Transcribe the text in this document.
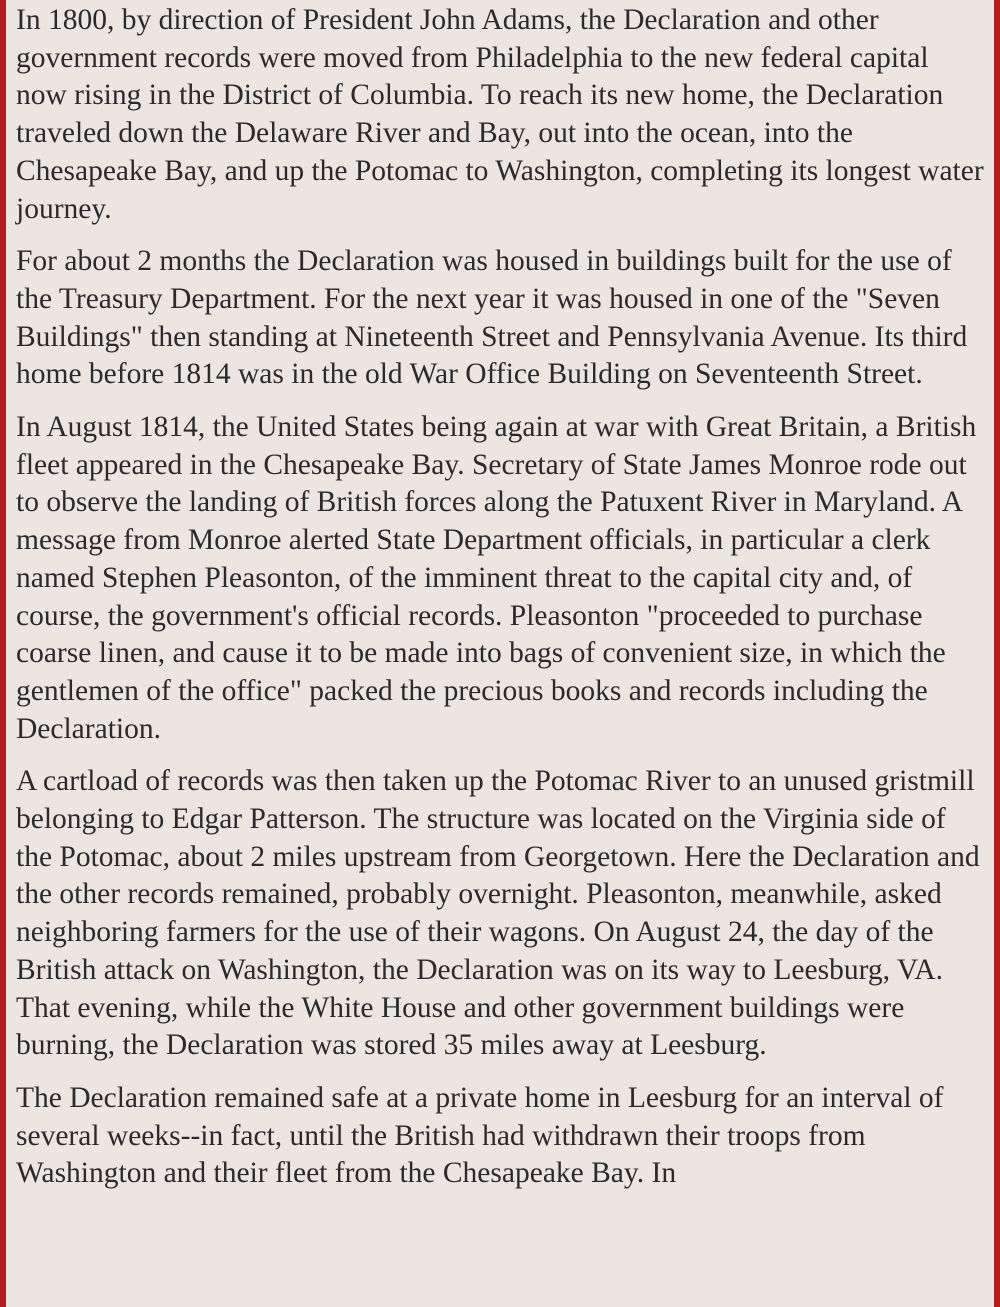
In 1800, by direction of President John Adams, the Declaration and other government records were moved from Philadelphia to the new federal capital now rising in the District of Columbia. To reach its new home, the Declaration traveled down the Delaware River and Bay, out into the ocean, into the Chesapeake Bay, and up the Potomac to Washington, completing its longest water journey.

For about 2 months the Declaration was housed in buildings built for the use of the Treasury Department. For the next year it was housed in one of the "Seven Buildings" then standing at Nineteenth Street and Pennsylvania Avenue. Its third home before 1814 was in the old War Office Building on Seventeenth Street.

In August 1814, the United States being again at war with Great Britain, a British fleet appeared in the Chesapeake Bay. Secretary of State James Monroe rode out to observe the landing of British forces along the Patuxent River in Maryland. A message from Monroe alerted State Department officials, in particular a clerk named Stephen Pleasonton, of the imminent threat to the capital city and, of course, the government's official records. Pleasonton "proceeded to purchase coarse linen, and cause it to be made into bags of convenient size, in which the gentlemen of the office" packed the precious books and records including the Declaration.

A cartload of records was then taken up the Potomac River to an unused gristmill belonging to Edgar Patterson. The structure was located on the Virginia side of the Potomac, about 2 miles upstream from Georgetown. Here the Declaration and the other records remained, probably overnight. Pleasonton, meanwhile, asked neighboring farmers for the use of their wagons. On August 24, the day of the British attack on Washington, the Declaration was on its way to Leesburg, VA. That evening, while the White House and other government buildings were burning, the Declaration was stored 35 miles away at Leesburg.

The Declaration remained safe at a private home in Leesburg for an interval of several weeks--in fact, until the British had withdrawn their troops from Washington and their fleet from the Chesapeake Bay. In
